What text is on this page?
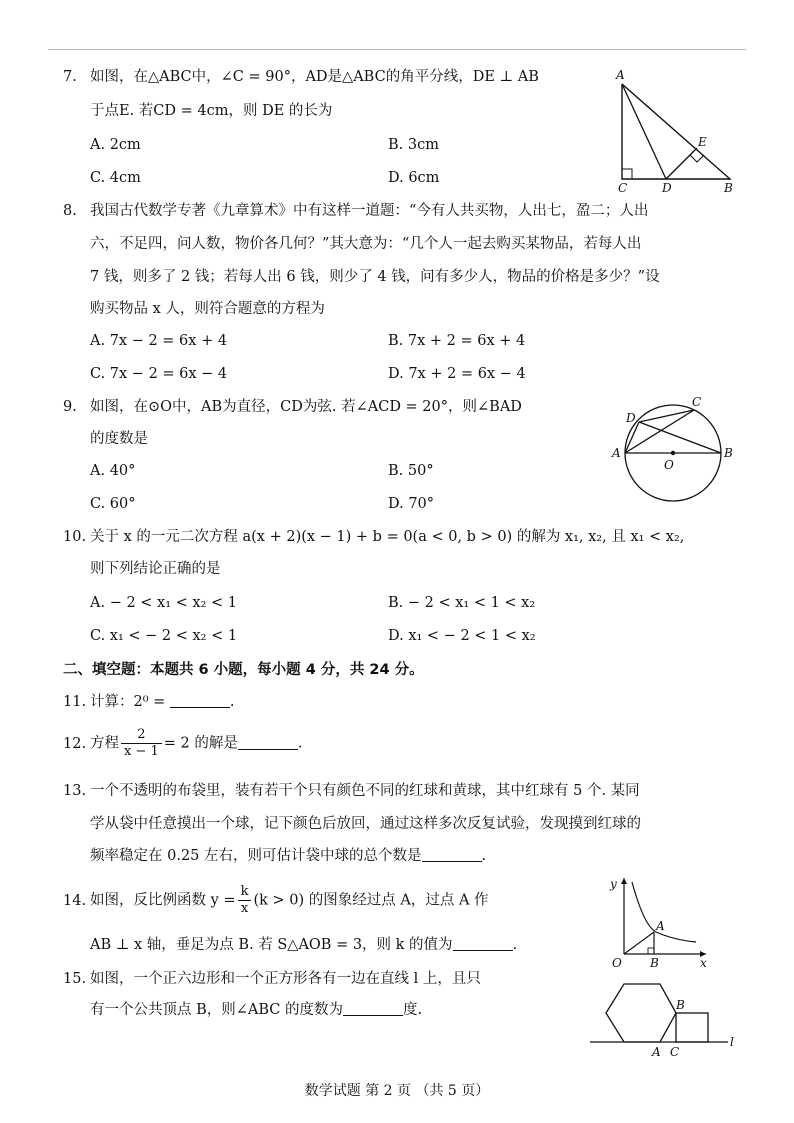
7. 如图，在△ABC中，∠C = 90°，AD是△ABC的角平分线，DE ⊥ AB
于点E. 若CD = 4cm，则 DE 的长为
A. 2cm	B. 3cm
C. 4cm	D. 6cm
A
E
C	D	B
8. 我国古代数学专著《九章算术》中有这样一道题：“今有人共买物，人出七，盈二；人出
六，不足四，问人数，物价各几何？”其大意为：“几个人一起去购买某物品，若每人出
7 钱，则多了 2 钱；若每人出 6 钱，则少了 4 钱，问有多少人，物品的价格是多少？”设
购买物品 x 人，则符合题意的方程为
A. 7x − 2 = 6x + 4	B. 7x + 2 = 6x + 4
C. 7x − 2 = 6x − 4	D. 7x + 2 = 6x − 4
9. 如图，在⊙O中，AB为直径，CD为弦. 若∠ACD = 20°，则∠BAD
的度数是
A. 40°	B. 50°
C. 60°	D. 70°
A	B
C
D
O
10. 关于 x 的一元二次方程 a(x + 2)(x − 1) + b = 0(a < 0, b > 0) 的解为 x₁, x₂, 且 x₁ < x₂,
则下列结论正确的是
A. − 2 < x₁ < x₂ < 1	B. − 2 < x₁ < 1 < x₂
C. x₁ < − 2 < x₂ < 1	D. x₁ < − 2 < 1 < x₂
二、填空题：本题共 6 小题，每小题 4 分，共 24 分。
11. 计算：2⁰ =	.
12. 方程 $\frac{2}{x - 1} = 2$ 的解是	.
13. 一个不透明的布袋里，装有若干个只有颜色不同的红球和黄球，其中红球有 5 个. 某同
学从袋中任意摸出一个球，记下颜色后放回，通过这样多次反复试验，发现摸到红球的
频率稳定在 0.25 左右，则可估计袋中球的总个数是	.
14. 如图，反比例函数 $y = \frac{k}{x} (k > 0)$ 的图象经过点 A，过点 A 作
AB ⊥ x 轴，垂足为点 B. 若 S△AOB = 3，则 k 的值为	.
y
x
O
A
B
15. 如图，一个正六边形和一个正方形各有一边在直线 l 上，且只
有一个公共顶点 B，则∠ABC 的度数为	度.	B
A C
l
数学试题 第 2 页 （共 5 页）
